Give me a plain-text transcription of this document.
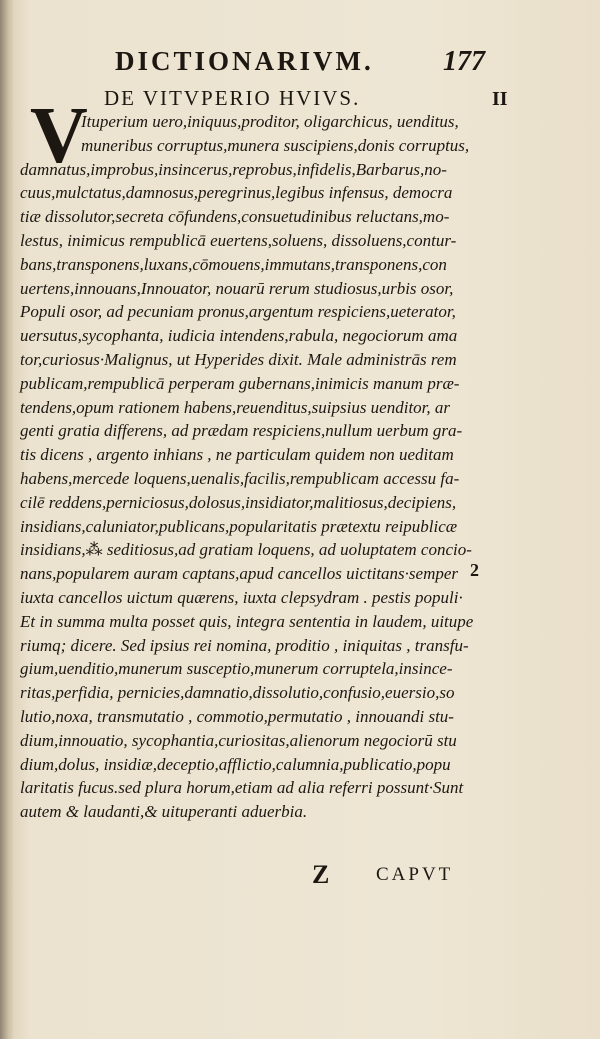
DICTIONARIVM. 177
DE VITVPERIO HVIVS.	II
V
Ituperium uero,iniquus,proditor, oligarchicus, uenditus,
muneribus corruptus,munera suscipiens,donis corruptus,
damnatus,improbus,insincerus,reprobus,infidelis,Barbarus,no-
cuus,mulctatus,damnosus,peregrinus,legibus infensus, democra
tiæ dissolutor,secreta cōfundens,consuetudinibus reluctans,mo-
lestus, inimicus rempublicā euertens,soluens, dissoluens,contur-
bans,transponens,luxans,cōmouens,immutans,transponens,con
uertens,innouans,Innouator, nouarū rerum studiosus,urbis osor,
Populi osor, ad pecuniam pronus,argentum respiciens,ueterator,
uersutus,sycophanta, iudicia intendens,rabula, negociorum ama
tor,curiosus·Malignus, ut Hyperides dixit. Male administrās rem
publicam,rempublicā perperam gubernans,inimicis manum præ-
tendens,opum rationem habens,reuenditus,suipsius uenditor, ar
genti gratia differens, ad prædam respiciens,nullum uerbum gra-
tis dicens , argento inhians , ne particulam quidem non ueditam
habens,mercede loquens,uenalis,facilis,rempublicam accessu fa-
cilē reddens,perniciosus,dolosus,insidiator,malitiosus,decipiens,
insidians,caluniator,publicans,popularitatis prætextu reipublicæ
insidians,⁂ seditiosus,ad gratiam loquens, ad uoluptatem concio-
nans,popularem auram captans,apud cancellos uictitans·semper
iuxta cancellos uictum quærens, iuxta clepsydram . pestis populi·
Et in summa multa posset quis, integra sententia in laudem, uitupe
riumq; dicere. Sed ipsius rei nomina, proditio , iniquitas , transfu-
gium,uenditio,munerum susceptio,munerum corruptela,insince-
ritas,perfidia, pernicies,damnatio,dissolutio,confusio,euersio,so
lutio,noxa, transmutatio , commotio,permutatio , innouandi stu-
dium,innouatio, sycophantia,curiositas,alienorum negociorū stu
dium,dolus, insidiæ,deceptio,afflictio,calumnia,publicatio,popu
laritatis fucus.sed plura horum,etiam ad alia referri possunt·Sunt
autem & laudanti,& uituperanti aduerbia.
2
Z CAPVT
